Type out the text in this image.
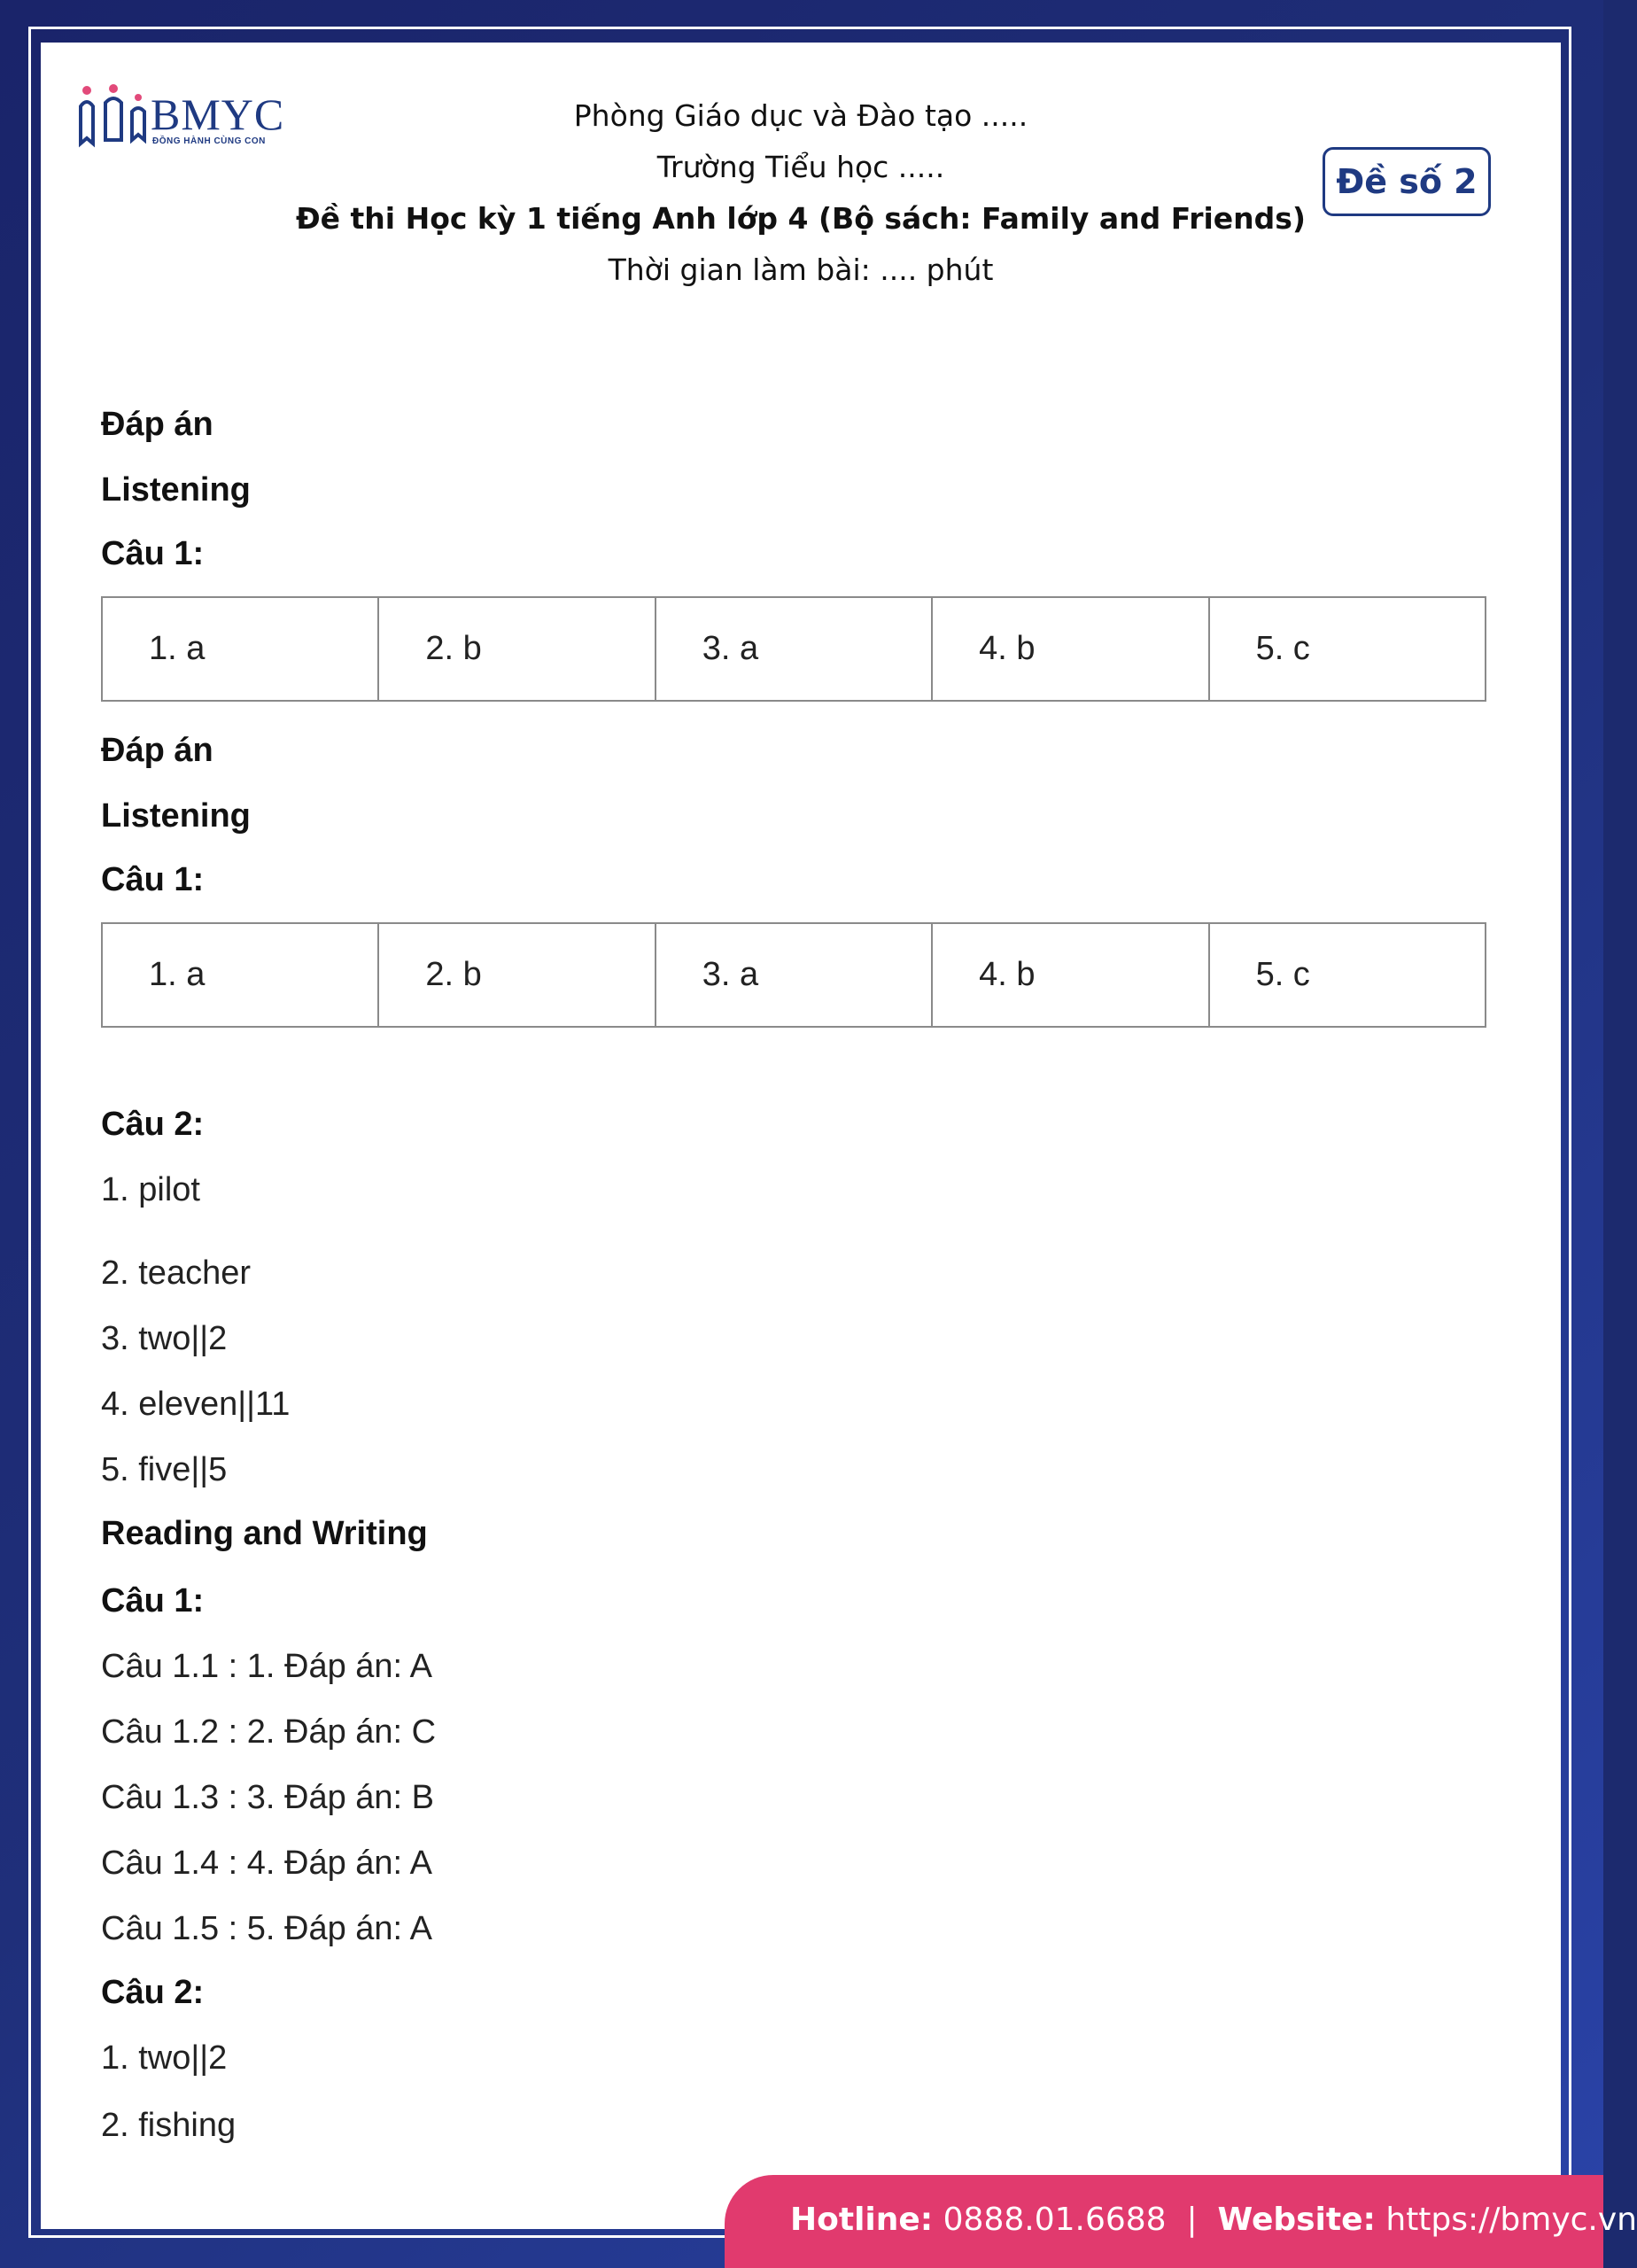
BMYC
ĐỒNG HÀNH CÙNG CON
Phòng Giáo dục và Đào tạo .....
Trường Tiểu học .....
Đề thi Học kỳ 1 tiếng Anh lớp 4 (Bộ sách: Family and Friends)
Thời gian làm bài: .... phút
Đề số 2
Đáp án
Listening
Câu 1:
1. a	2. b	3. a	4. b	5. c
Đáp án
Listening
Câu 1:
1. a	2. b	3. a	4. b	5. c
Câu 2:
1. pilot
2. teacher
3. two||2
4. eleven||11
5. five||5
Reading and Writing
Câu 1:
Câu 1.1 : 1. Đáp án: A
Câu 1.2 : 2. Đáp án: C
Câu 1.3 : 3. Đáp án: B
Câu 1.4 : 4. Đáp án: A
Câu 1.5 : 5. Đáp án: A
Câu 2:
1. two||2
2. fishing
Hotline: 0888.01.6688 | Website: https://bmyc.vn
